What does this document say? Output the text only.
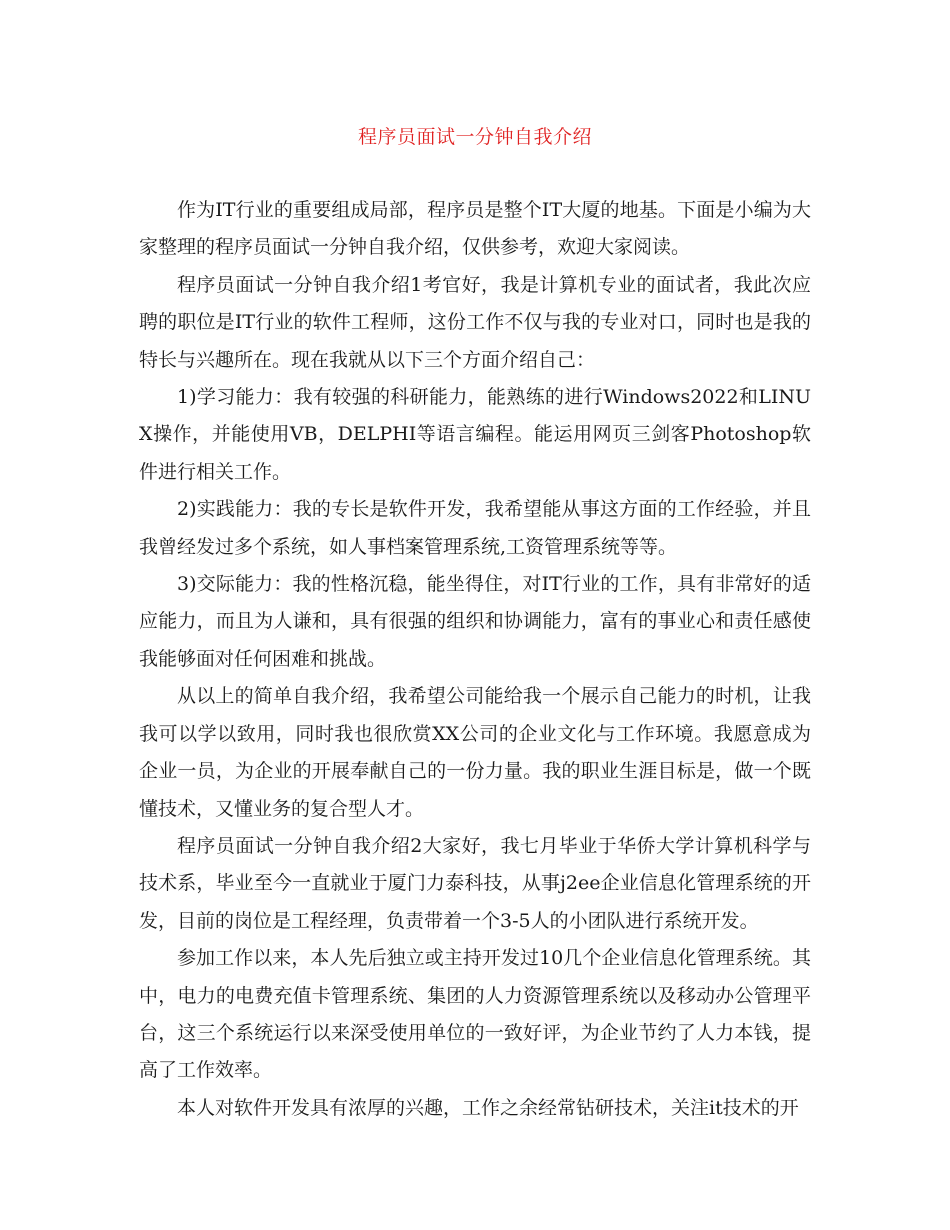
程序员面试一分钟自我介绍

作为IT行业的重要组成局部，程序员是整个IT大厦的地基。下面是小编为大家整理的程序员面试一分钟自我介绍，仅供参考，欢迎大家阅读。

程序员面试一分钟自我介绍1考官好，我是计算机专业的面试者，我此次应聘的职位是IT行业的软件工程师，这份工作不仅与我的专业对口，同时也是我的特长与兴趣所在。现在我就从以下三个方面介绍自己：

1)学习能力：我有较强的科研能力，能熟练的进行Windows2022和LINUX操作，并能使用VB，DELPHI等语言编程。能运用网页三剑客Photoshop软件进行相关工作。

2)实践能力：我的专长是软件开发，我希望能从事这方面的工作经验，并且我曾经发过多个系统，如人事档案管理系统,工资管理系统等等。

3)交际能力：我的性格沉稳，能坐得住，对IT行业的工作，具有非常好的适应能力，而且为人谦和，具有很强的组织和协调能力，富有的事业心和责任感使我能够面对任何困难和挑战。

从以上的简单自我介绍，我希望公司能给我一个展示自己能力的时机，让我我可以学以致用，同时我也很欣赏XX公司的企业文化与工作环境。我愿意成为企业一员，为企业的开展奉献自己的一份力量。我的职业生涯目标是，做一个既懂技术，又懂业务的复合型人才。

程序员面试一分钟自我介绍2大家好，我七月毕业于华侨大学计算机科学与技术系，毕业至今一直就业于厦门力泰科技，从事j2ee企业信息化管理系统的开发，目前的岗位是工程经理，负责带着一个3-5人的小团队进行系统开发。

参加工作以来，本人先后独立或主持开发过10几个企业信息化管理系统。其中，电力的电费充值卡管理系统、集团的人力资源管理系统以及移动办公管理平台，这三个系统运行以来深受使用单位的一致好评，为企业节约了人力本钱，提高了工作效率。

本人对软件开发具有浓厚的兴趣，工作之余经常钻研技术，关注it技术的开
